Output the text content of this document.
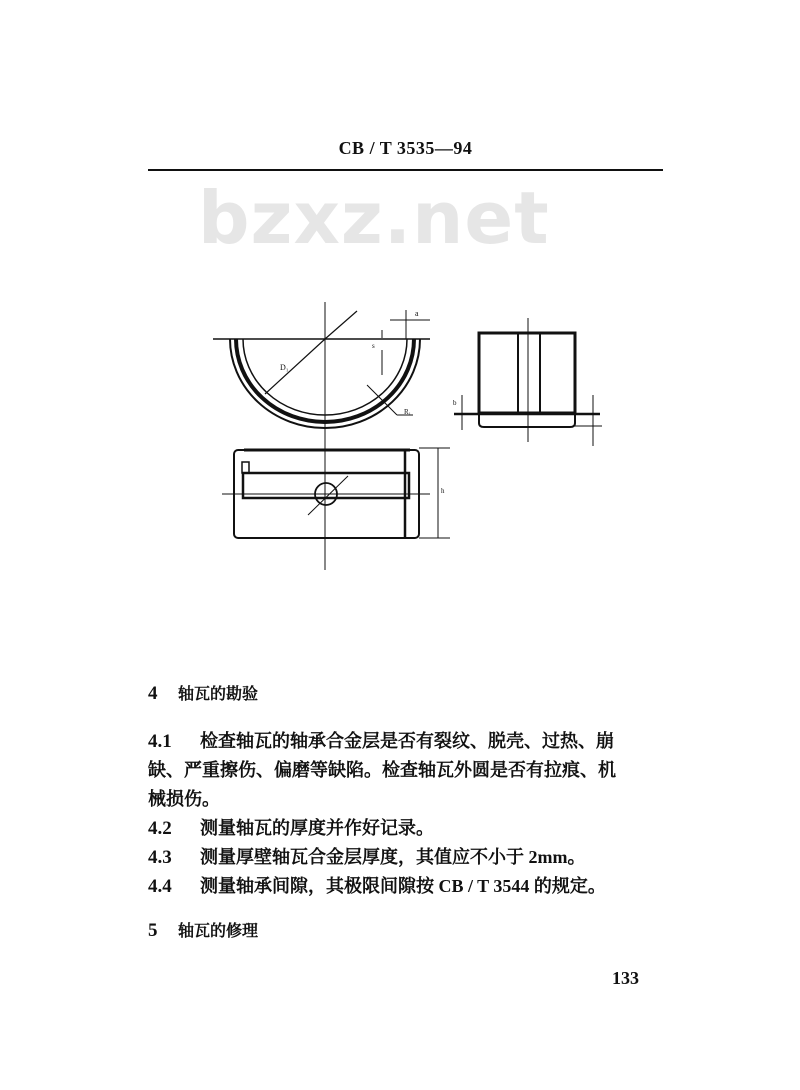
bzxz.net
CB / T 3535—94
a
D₁
s
R₁
b
h
4 轴瓦的勘验
4.1 检查轴瓦的轴承合金层是否有裂纹、脱壳、过热、崩
缺、严重擦伤、偏磨等缺陷。检查轴瓦外圆是否有拉痕、机
械损伤。
4.2 测量轴瓦的厚度并作好记录。
4.3 测量厚壁轴瓦合金层厚度，其值应不小于 2mm。
4.4 测量轴承间隙，其极限间隙按 CB / T 3544 的规定。
5 轴瓦的修理
133
